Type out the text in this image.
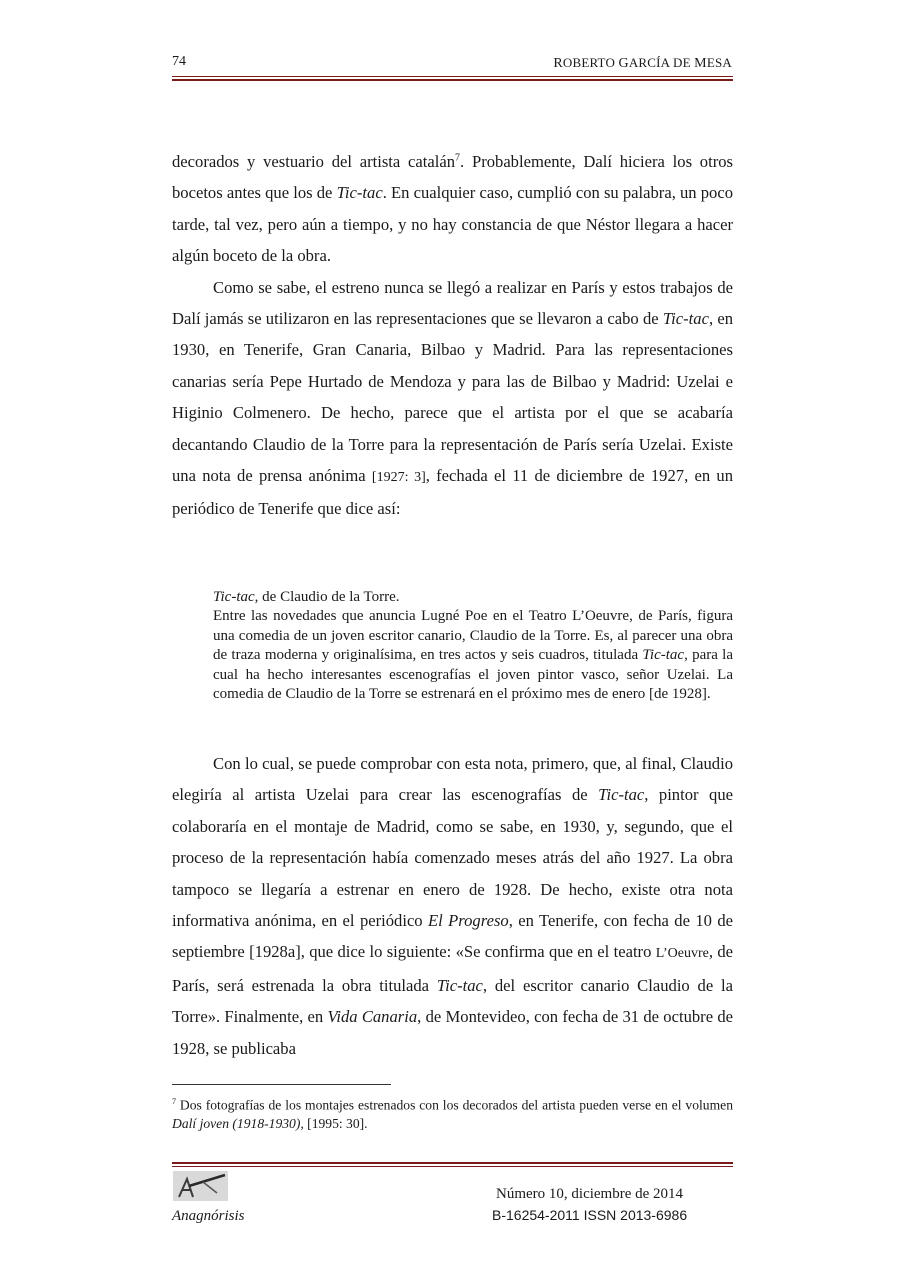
74	ROBERTO GARCÍA DE MESA

decorados y vestuario del artista catalán$^7$. Probablemente, Dalí hiciera los otros bocetos antes que los de Tic-tac. En cualquier caso, cumplió con su palabra, un poco tarde, tal vez, pero aún a tiempo, y no hay constancia de que Néstor llegara a hacer algún boceto de la obra.

Como se sabe, el estreno nunca se llegó a realizar en París y estos trabajos de Dalí jamás se utilizaron en las representaciones que se llevaron a cabo de Tic-tac, en 1930, en Tenerife, Gran Canaria, Bilbao y Madrid. Para las representaciones canarias sería Pepe Hurtado de Mendoza y para las de Bilbao y Madrid: Uzelai e Higinio Colmenero. De hecho, parece que el artista por el que se acabaría decantando Claudio de la Torre para la representación de París sería Uzelai. Existe una nota de prensa anónima [1927: 3], fechada el 11 de diciembre de 1927, en un periódico de Tenerife que dice así:

Tic-tac, de Claudio de la Torre.

Entre las novedades que anuncia Lugné Poe en el Teatro L’Oeuvre, de París, figura una comedia de un joven escritor canario, Claudio de la Torre. Es, al parecer una obra de traza moderna y originalísima, en tres actos y seis cuadros, titulada Tic-tac, para la cual ha hecho interesantes escenografías el joven pintor vasco, señor Uzelai. La comedia de Claudio de la Torre se estrenará en el próximo mes de enero [de 1928].

Con lo cual, se puede comprobar con esta nota, primero, que, al final, Claudio elegiría al artista Uzelai para crear las escenografías de Tic-tac, pintor que colaboraría en el montaje de Madrid, como se sabe, en 1930, y, segundo, que el proceso de la representación había comenzado meses atrás del año 1927. La obra tampoco se llegaría a estrenar en enero de 1928. De hecho, existe otra nota informativa anónima, en el periódico El Progreso, en Tenerife, con fecha de 10 de septiembre [1928a], que dice lo siguiente: «Se confirma que en el teatro L’Oeuvre, de París, será estrenada la obra titulada Tic-tac, del escritor canario Claudio de la Torre». Finalmente, en Vida Canaria, de Montevideo, con fecha de 31 de octubre de 1928, se publicaba

$^7$ Dos fotografías de los montajes estrenados con los decorados del artista pueden verse en el volumen Dalí joven (1918-1930), [1995: 30].
Anagnórisis
Número 10, diciembre de 2014
B-16254-2011 ISSN 2013-6986
